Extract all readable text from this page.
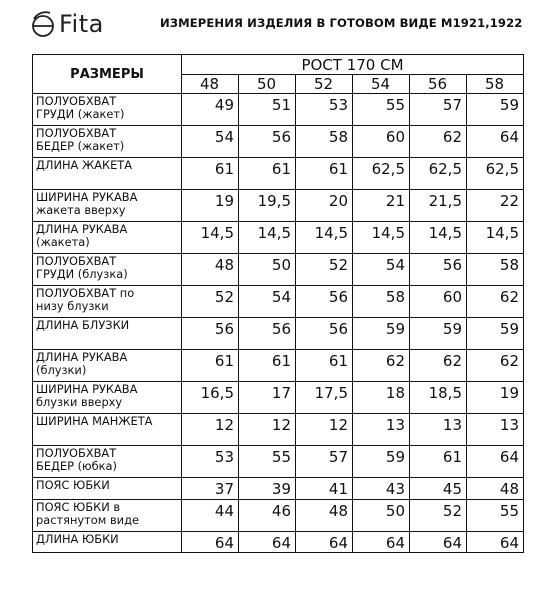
Fita	ИЗМЕРЕНИЯ ИЗДЕЛИЯ В ГОТОВОМ ВИДЕ М1921,1922
РАЗМЕРЫ	РОСТ 170 СМ					
	48	50	52	54	56	58

ПОЛУОБХВАТ
ГРУДИ (жакет)	49	51	53	55	57	59

ПОЛУОБХВАТ
БЕДЕР (жакет)	54	56	58	60	62	64

ДЛИНА ЖАКЕТА	61	61	61	62,5	62,5	62,5

ШИРИНА РУКАВА
жакета вверху	19	19,5	20	21	21,5	22

ДЛИНА РУКАВА
(жакета)	14,5	14,5	14,5	14,5	14,5	14,5

ПОЛУОБХВАТ
ГРУДИ (блузка)	48	50	52	54	56	58

ПОЛУОБХВАТ по
низу блузки	52	54	56	58	60	62

ДЛИНА БЛУЗКИ	56	56	56	59	59	59

ДЛИНА РУКАВА
(блузки)	61	61	61	62	62	62

ШИРИНА РУКАВА
блузки вверху	16,5	17	17,5	18	18,5	19

ШИРИНА МАНЖЕТА	12	12	12	13	13	13

ПОЛУОБХВАТ
БЕДЕР (юбка)	53	55	57	59	61	64

ПОЯС ЮБКИ	37	39	41	43	45	48

ПОЯС ЮБКИ в
растянутом виде	44	46	48	50	52	55

ДЛИНА ЮБКИ	64	64	64	64	64	64
